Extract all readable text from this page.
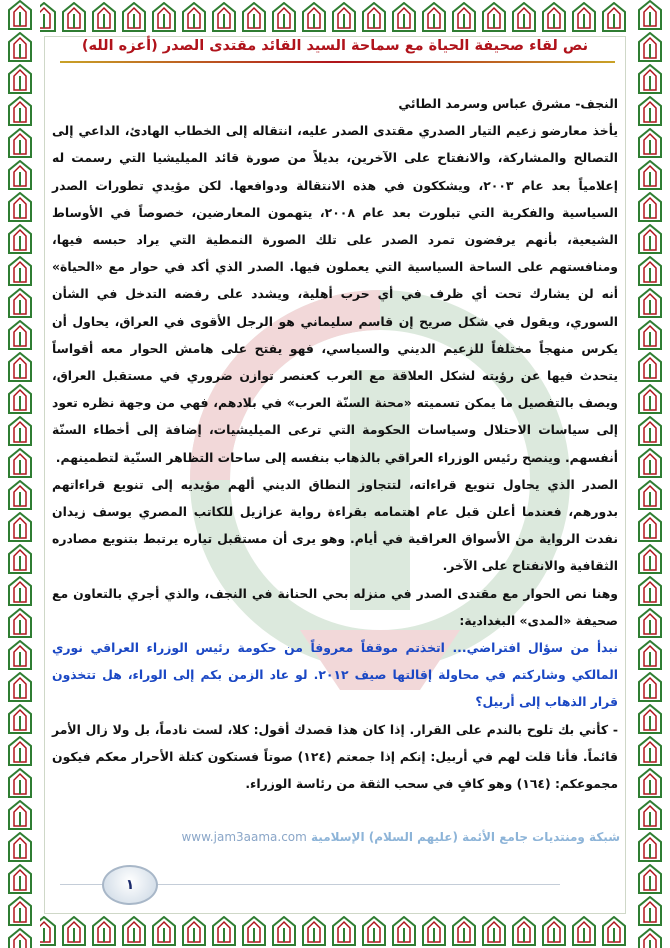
نص لقاء صحيفة الحياة مع سماحة السيد القائد مقتدى الصدر (أعزه الله)

النجف- مشرق عباس وسرمد الطائي

يأخذ معارضو زعيم التيار الصدري مقتدى الصدر عليه، انتقاله إلى الخطاب الهادئ، الداعي إلى التصالح والمشاركة، والانفتاح على الآخرين، بديلاً من صورة قائد الميليشيا التي رسمت له إعلامياً بعد عام ٢٠٠٣، ويشككون في هذه الانتقالة ودوافعها. لكن مؤيدي تطورات الصدر السياسية والفكرية التي تبلورت بعد عام ٢٠٠٨، يتهمون المعارضين، خصوصاً في الأوساط الشيعية، بأنهم يرفضون تمرد الصدر على تلك الصورة النمطية التي يراد حبسه فيها، ومنافستهم على الساحة السياسية التي يعملون فيها. الصدر الذي أكد في حوار مع «الحياة» أنه لن يشارك تحت أي ظرف في أي حرب أهلية، ويشدد على رفضه التدخل في الشأن السوري، ويقول في شكل صريح إن قاسم سليماني هو الرجل الأقوى في العراق، يحاول أن يكرس منهجاً مختلفاً للزعيم الديني والسياسي، فهو يفتح على هامش الحوار معه أقواساً يتحدث فيها عن رؤيته لشكل العلاقة مع العرب كعنصر توازن ضروري في مستقبل العراق، ويصف بالتفصيل ما يمكن تسميته «محنة السنّة العرب» في بلادهم، فهي من وجهة نظره تعود إلى سياسات الاحتلال وسياسات الحكومة التي ترعى الميليشيات، إضافة إلى أخطاء السنّة أنفسهم. وينصح رئيس الوزراء العراقي بالذهاب بنفسه إلى ساحات التظاهر السنّية لتطمينهم.

الصدر الذي يحاول تنويع قراءاته، لتتجاوز النطاق الديني ألهم مؤيديه إلى تنويع قراءاتهم بدورهم، فعندما أعلن قبل عام اهتمامه بقراءة رواية عزازيل للكاتب المصري يوسف زيدان نفدت الرواية من الأسواق العراقية في أيام. وهو يرى أن مستقبل تياره يرتبط بتنويع مصادره الثقافية والانفتاح على الآخر.

وهنا نص الحوار مع مقتدى الصدر في منزله بحي الحنانة في النجف، والذي أجري بالتعاون مع صحيفة «المدى» البغدادية:

نبدأ من سؤال افتراضي... اتخذتم موقفاً معروفاً من حكومة رئيس الوزراء العراقي نوري المالكي وشاركتم في محاولة إقالتها صيف ٢٠١٢. لو عاد الزمن بكم إلى الوراء، هل تتخذون قرار الذهاب إلى أربيل؟

- كأني بك تلوح بالندم على القرار. إذا كان هذا قصدك أقول: كلا، لست نادماً، بل ولا زال الأمر قائماً. فأنا قلت لهم في أربيل: إنكم إذا جمعتم (١٢٤) صوتاً فستكون كتلة الأحرار معكم فيكون مجموعكم: (١٦٤) وهو كافٍ في سحب الثقة من رئاسة الوزراء.

شبكة ومنتديات جامع الأئمة (عليهم السلام) الإسلامية www.jam3aama.com
١
